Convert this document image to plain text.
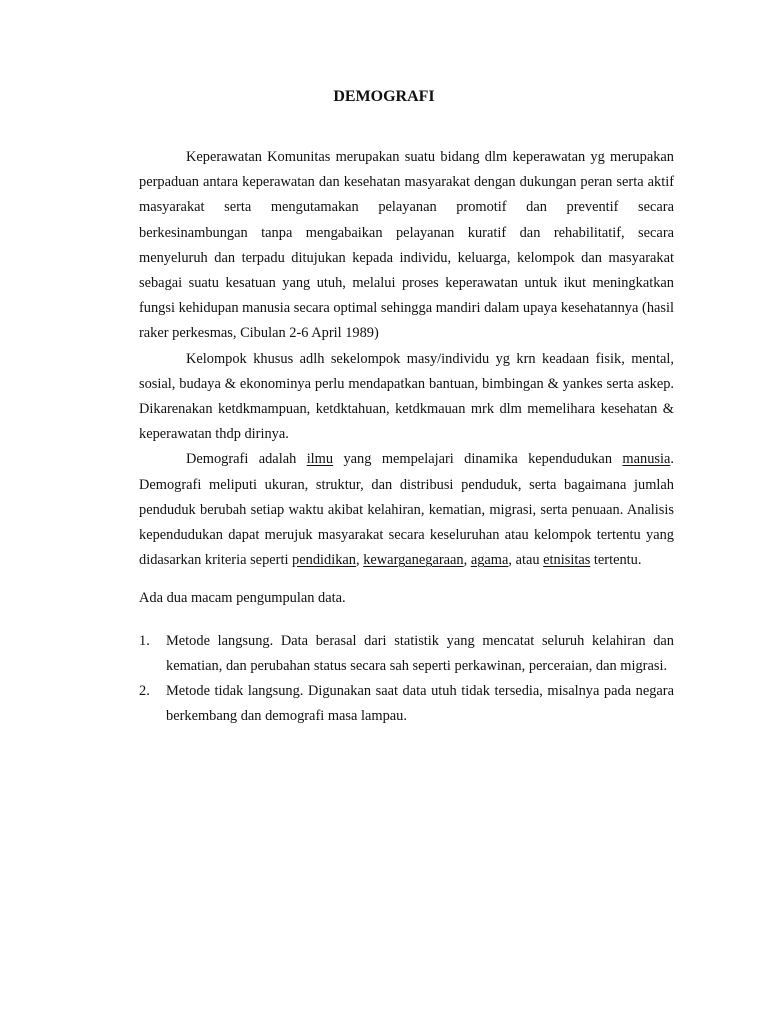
DEMOGRAFI

Keperawatan Komunitas merupakan suatu bidang dlm keperawatan yg merupakan perpaduan antara keperawatan dan kesehatan masyarakat dengan dukungan peran serta aktif masyarakat serta mengutamakan pelayanan promotif dan preventif secara berkesinambungan tanpa mengabaikan pelayanan kuratif dan rehabilitatif, secara menyeluruh dan terpadu ditujukan kepada individu, keluarga, kelompok dan masyarakat sebagai suatu kesatuan yang utuh, melalui proses keperawatan untuk ikut meningkatkan fungsi kehidupan manusia secara optimal sehingga mandiri dalam upaya kesehatannya (hasil raker perkesmas, Cibulan 2-6 April 1989)

Kelompok khusus adlh sekelompok masy/individu yg krn keadaan fisik, mental, sosial, budaya & ekonominya perlu mendapatkan bantuan, bimbingan & yankes serta askep. Dikarenakan ketdkmampuan, ketdktahuan, ketdkmauan mrk dlm memelihara kesehatan & keperawatan thdp dirinya.

Demografi adalah ilmu yang mempelajari dinamika kependudukan manusia. Demografi meliputi ukuran, struktur, dan distribusi penduduk, serta bagaimana jumlah penduduk berubah setiap waktu akibat kelahiran, kematian, migrasi, serta penuaan. Analisis kependudukan dapat merujuk masyarakat secara keseluruhan atau kelompok tertentu yang didasarkan kriteria seperti pendidikan, kewarganegaraan, agama, atau etnisitas tertentu.

Ada dua macam pengumpulan data.

1. Metode langsung. Data berasal dari statistik yang mencatat seluruh kelahiran dan kematian, dan perubahan status secara sah seperti perkawinan, perceraian, dan migrasi.
2. Metode tidak langsung. Digunakan saat data utuh tidak tersedia, misalnya pada negara berkembang dan demografi masa lampau.
